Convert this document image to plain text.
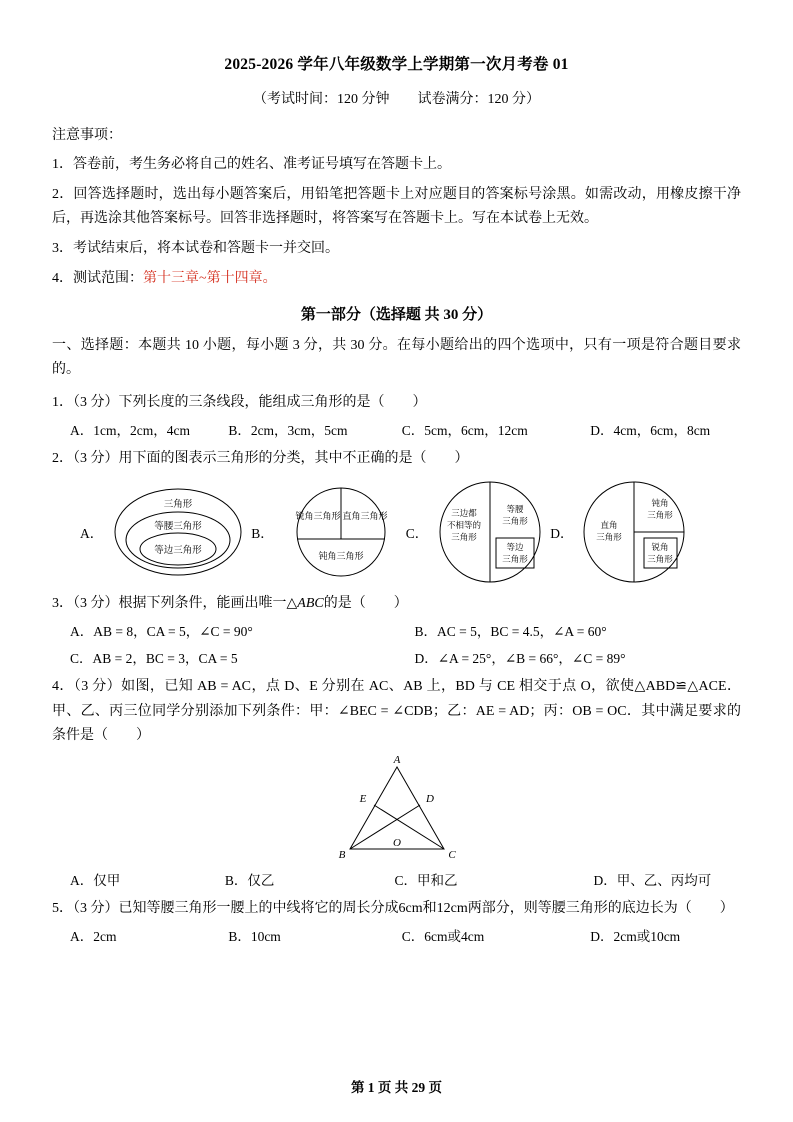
2025-2026 学年八年级数学上学期第一次月考卷 01
（考试时间：120 分钟　　试卷满分：120 分）
注意事项：
1．答卷前，考生务必将自己的姓名、准考证号填写在答题卡上。
2．回答选择题时，选出每小题答案后，用铅笔把答题卡上对应题目的答案标号涂黑。如需改动，用橡皮擦干净后，再选涂其他答案标号。回答非选择题时，将答案写在答题卡上。写在本试卷上无效。
3．考试结束后，将本试卷和答题卡一并交回。
4．测试范围：第十三章~第十四章。
第一部分（选择题 共 30 分）
一、选择题：本题共 10 小题，每小题 3 分，共 30 分。在每小题给出的四个选项中，只有一项是符合题目要求的。
1．（3 分）下列长度的三条线段，能组成三角形的是（　　）
A．1cm，2cm，4cm	B．2cm，3cm，5cm	C．5cm，6cm，12cm	D．4cm，6cm，8cm
2．（3 分）用下面的图表示三角形的分类，其中不正确的是（　　）
A．
三角形
等腰三角形
等边三角形
B．
锐角三角形 直角三角形
钝角三角形
C．
三边都
不相等的
三角形
等腰
三角形
等边
三角形
D．
直角
三角形
钝角
三角形
锐角
三角形
3．（3 分）根据下列条件，能画出唯一△ABC的是（　　）
A．AB = 8，CA = 5，∠C = 90°	B．AC = 5，BC = 4.5，∠A = 60°
C．AB = 2，BC = 3，CA = 5	D．∠A = 25°，∠B = 66°，∠C = 89°
4．（3 分）如图，已知 AB = AC，点 D、E 分别在 AC、AB 上，BD 与 CE 相交于点 O，欲使△ABD≌△ACE．甲、乙、丙三位同学分别添加下列条件：甲：∠BEC = ∠CDB；乙：AE = AD；丙：OB = OC．其中满足要求的条件是（　　）
A
E	D
B
O
C
A．仅甲	B．仅乙	C．甲和乙	D．甲、乙、丙均可
5．（3 分）已知等腰三角形一腰上的中线将它的周长分成6cm和12cm两部分，则等腰三角形的底边长为（　　）
A．2cm	B．10cm	C．6cm或4cm	D．2cm或10cm
第 1 页 共 29 页
